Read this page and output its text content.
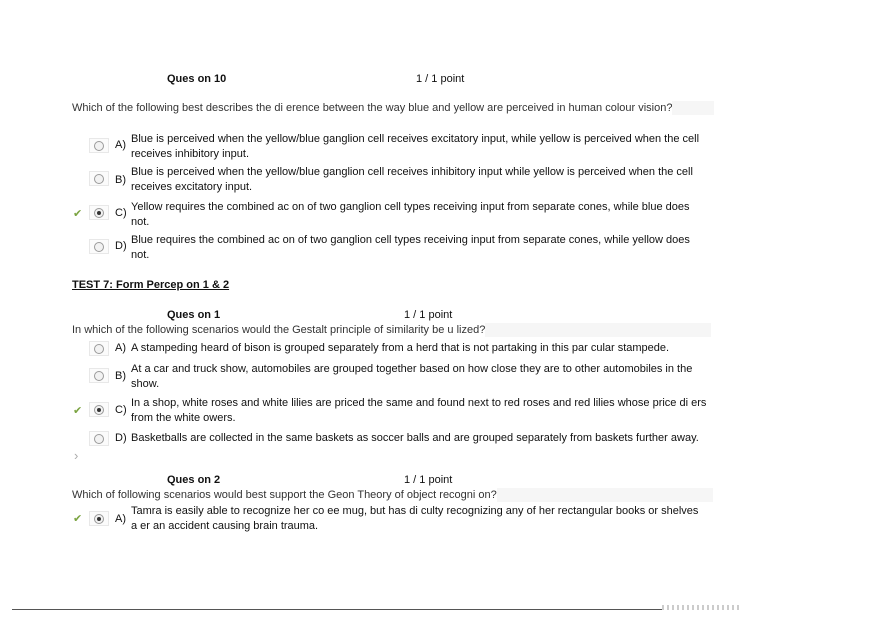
Ques on 10	1 / 1 point
Which of the following best describes the di erence between the way blue and yellow are perceived in human colour vision?
A) Blue is perceived when the yellow/blue ganglion cell receives excitatory input, while yellow is perceived when the cell
receives inhibitory input.
B)
Blue is perceived when the yellow/blue ganglion cell receives inhibitory input while yellow is perceived when the cell
receives excitatory input.
✔	C) Yellow requires the combined ac on of two ganglion cell types receiving input from separate cones, while blue does
not.
D) Blue requires the combined ac on of two ganglion cell types receiving input from separate cones, while yellow does
not.
TEST 7: Form Percep on 1 & 2
Ques on 1	1 / 1 point
In which of the following scenarios would the Gestalt principle of similarity be u lized?
A) A stampeding heard of bison is grouped separately from a herd that is not partaking in this par cular stampede.
B)
At a car and truck show, automobiles are grouped together based on how close they are to other automobiles in the
show.
✔	C)
In a shop, white roses and white lilies are priced the same and found next to red roses and red lilies whose price di ers
from the white owers.
D) Basketballs are collected in the same baskets as soccer balls and are grouped separately from baskets further away.
›
Ques on 2	1 / 1 point
Which of following scenarios would best support the Geon Theory of object recogni on?
✔	A)
Tamra is easily able to recognize her co ee mug, but has di culty recognizing any of her rectangular books or shelves
a er an accident causing brain trauma.
